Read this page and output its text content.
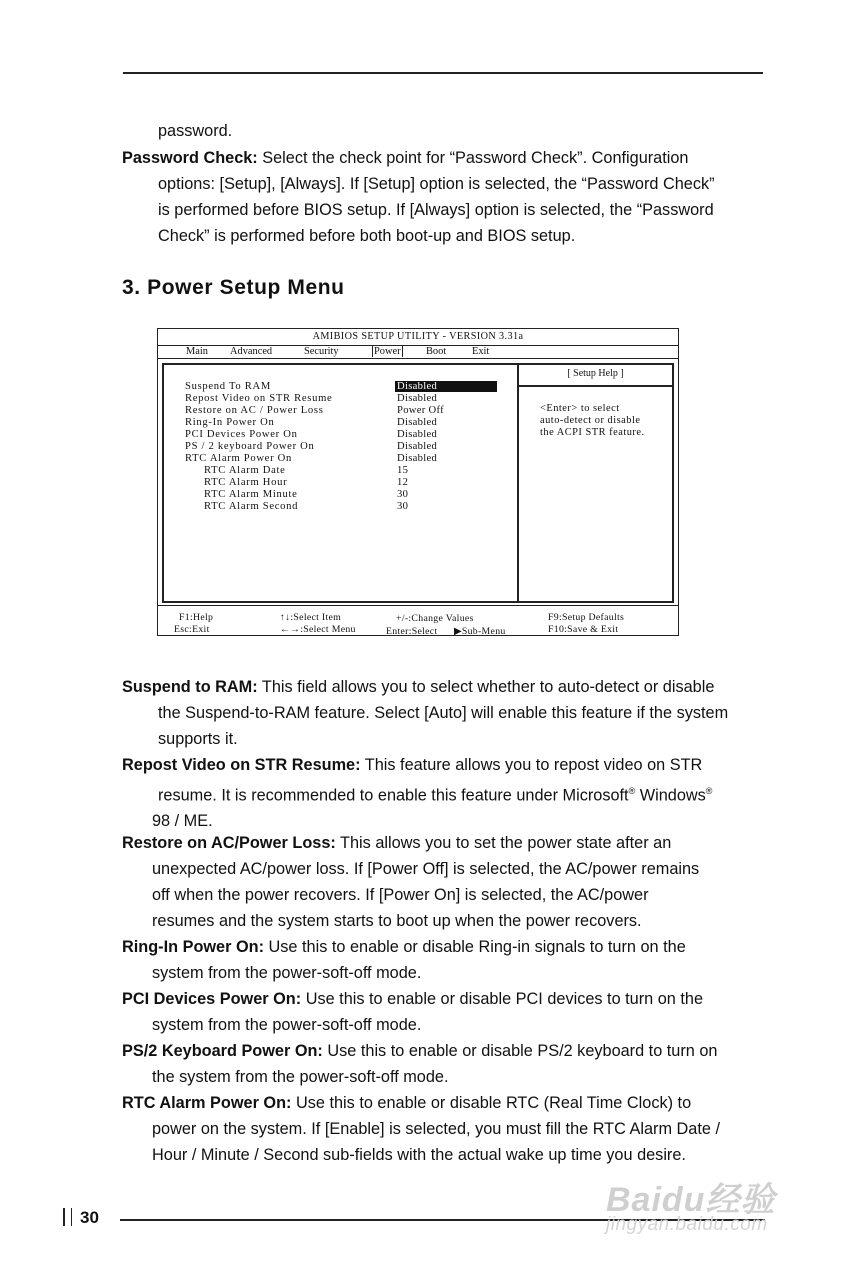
password.
Password Check: Select the check point for “Password Check”. Configuration
options: [Setup], [Always]. If [Setup] option is selected, the “Password Check”
is performed before BIOS setup. If [Always] option is selected, the “Password
Check” is performed before both boot-up and BIOS setup.
3. Power Setup Menu
AMIBIOS SETUP UTILITY - VERSION 3.31a
Main Advanced	Security	Power Boot Exit
Suspend To RAM	Disabled
Repost Video on STR Resume	Disabled
Restore on AC / Power Loss	Power Off
Ring-In Power On	Disabled
PCI Devices Power On	Disabled
PS / 2 keyboard Power On	Disabled
RTC Alarm Power On	Disabled
RTC Alarm Date	15
RTC Alarm Hour	12
RTC Alarm Minute	30
RTC Alarm Second	30
[ Setup Help ]
<Enter> to select
auto-detect or disable
the ACPI STR feature.
F1:Help
Esc:Exit
↑↓:Select Item
←→:Select Menu
+/-:Change Values
Enter:Select ▶Sub-Menu
F9:Setup Defaults
F10:Save & Exit
Suspend to RAM: This field allows you to select whether to auto-detect or disable
the Suspend-to-RAM feature. Select [Auto] will enable this feature if the system
supports it.
Repost Video on STR Resume: This feature allows you to repost video on STR
resume. It is recommended to enable this feature under Microsoft® Windows®
98 / ME.
Restore on AC/Power Loss: This allows you to set the power state after an
unexpected AC/power loss. If [Power Off] is selected, the AC/power remains
off when the power recovers. If [Power On] is selected, the AC/power
resumes and the system starts to boot up when the power recovers.
Ring-In Power On: Use this to enable or disable Ring-in signals to turn on the
system from the power-soft-off mode.
PCI Devices Power On: Use this to enable or disable PCI devices to turn on the
system from the power-soft-off mode.
PS/2 Keyboard Power On: Use this to enable or disable PS/2 keyboard to turn on
the system from the power-soft-off mode.
RTC Alarm Power On: Use this to enable or disable RTC (Real Time Clock) to
power on the system. If [Enable] is selected, you must fill the RTC Alarm Date /
Hour / Minute / Second sub-fields with the actual wake up time you desire.
30	Baidu经验
jingyan.baidu.com
